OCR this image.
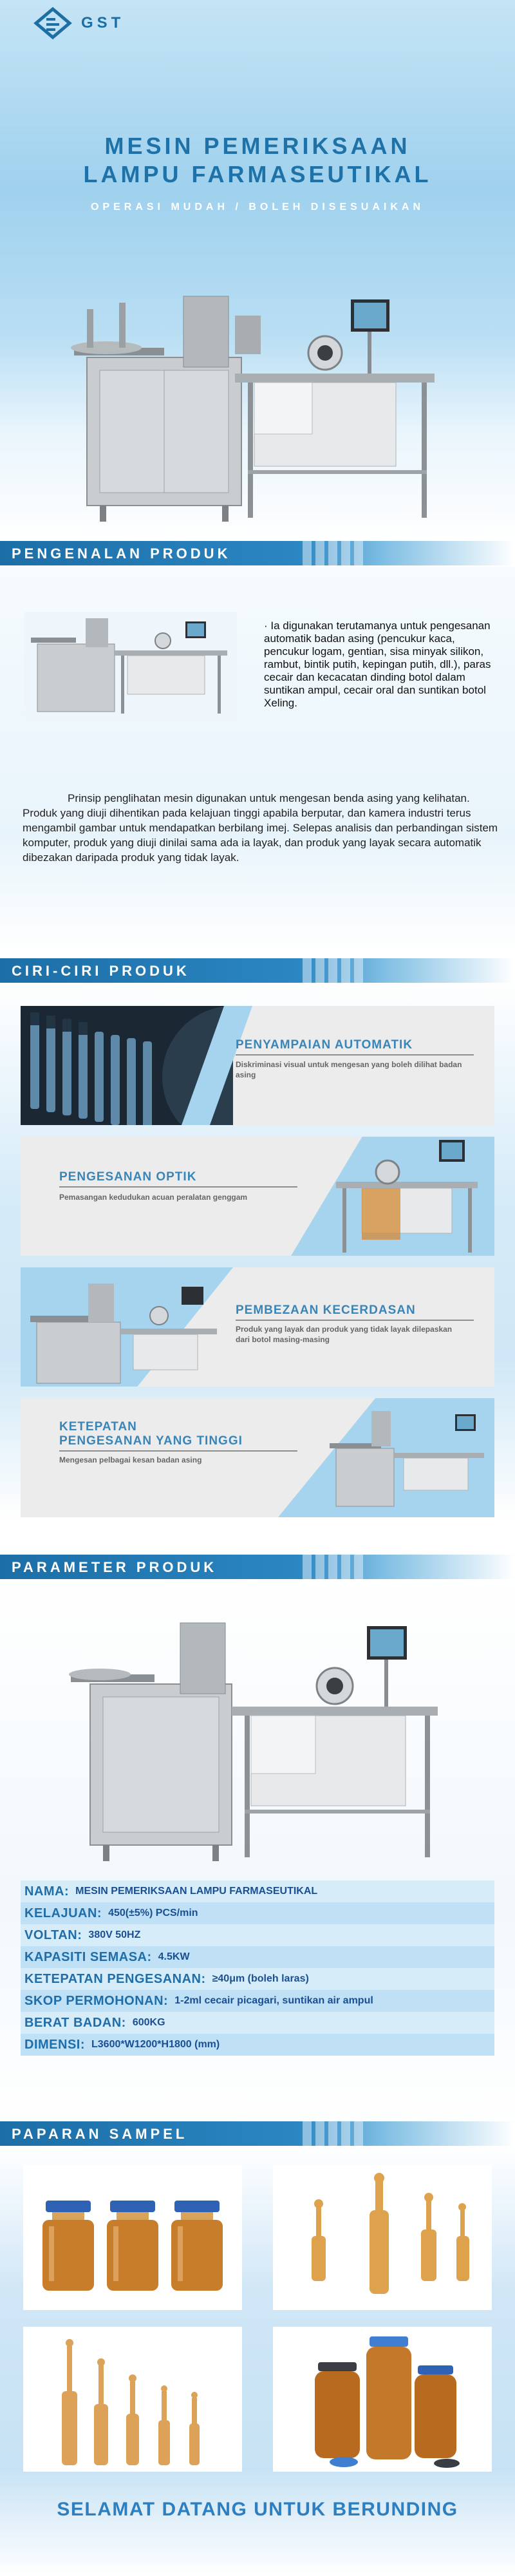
GST
MESIN PEMERIKSAAN
LAMPU FARMASEUTIKAL
OPERASI MUDAH / BOLEH DISESUAIKAN
PENGENALAN PRODUK

· Ia digunakan terutamanya untuk pengesanan automatik badan asing (pencukur kaca, pencukur logam, gentian, sisa minyak silikon, rambut, bintik putih, kepingan putih, dll.), paras cecair dan kecacatan dinding botol dalam suntikan ampul, cecair oral dan suntikan botol Xeling.

Prinsip penglihatan mesin digunakan untuk mengesan benda asing yang kelihatan. Produk yang diuji dihentikan pada kelajuan tinggi apabila berputar, dan kamera industri terus mengambil gambar untuk mendapatkan berbilang imej. Selepas analisis dan perbandingan sistem komputer, produk yang diuji dinilai sama ada ia layak, dan produk yang layak secara automatik dibezakan daripada produk yang tidak layak.

CIRI-CIRI PRODUK
PENYAMPAIAN AUTOMATIK
Diskriminasi visual untuk mengesan yang boleh dilihat badan asing
PENGESANAN OPTIK
Pemasangan kedudukan acuan peralatan genggam
PEMBEZAAN KECERDASAN
Produk yang layak dan produk yang tidak layak dilepaskan dari botol masing-masing
KETEPATAN
PENGESANAN YANG TINGGI
Mengesan pelbagai kesan badan asing
PARAMETER PRODUK
NAMA: MESIN PEMERIKSAAN LAMPU FARMASEUTIKAL
KELAJUAN: 450(±5%) PCS/min
VOLTAN: 380V 50HZ
KAPASITI SEMASA: 4.5KW
KETEPATAN PENGESANAN: ≥40μm (boleh laras)
SKOP PERMOHONAN: 1-2ml cecair picagari, suntikan air ampul
BERAT BADAN: 600KG
DIMENSI: L3600*W1200*H1800 (mm)
PAPARAN SAMPEL
SELAMAT DATANG UNTUK BERUNDING
